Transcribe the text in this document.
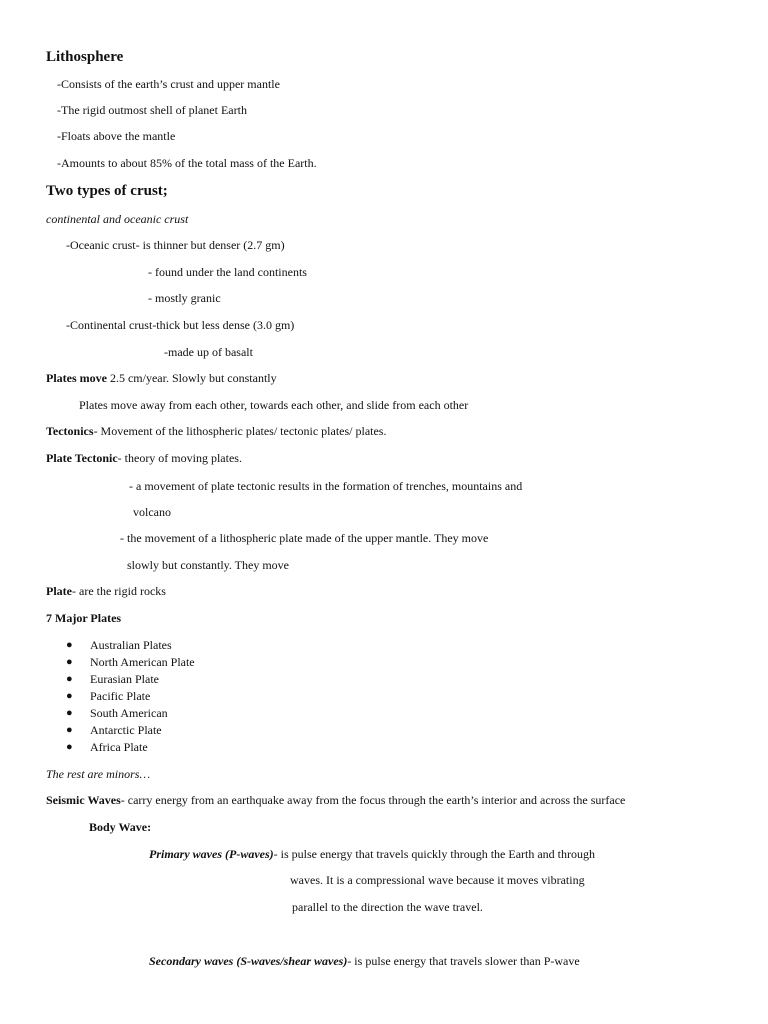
Lithosphere
-Consists of the earth’s crust and upper mantle
-The rigid outmost shell of planet Earth
-Floats above the mantle
-Amounts to about 85% of the total mass of the Earth.
Two types of crust;
continental and oceanic crust
-Oceanic crust- is thinner but denser (2.7 gm)
- found under the land continents
- mostly granic
-Continental crust-thick but less dense (3.0 gm)
-made up of basalt
Plates move 2.5 cm/year. Slowly but constantly
Plates move away from each other, towards each other, and slide from each other
Tectonics- Movement of the lithospheric plates/ tectonic plates/ plates.
Plate Tectonic- theory of moving plates.
- a movement of plate tectonic results in the formation of trenches, mountains and
volcano
- the movement of a lithospheric plate made of the upper mantle. They move
slowly but constantly. They move
Plate- are the rigid rocks
7 Major Plates
● Australian Plates
● North American Plate
● Eurasian Plate
● Pacific Plate
● South American
● Antarctic Plate
● Africa Plate
The rest are minors…
Seismic Waves- carry energy from an earthquake away from the focus through the earth’s interior and across the surface
Body Wave:
Primary waves (P-waves)- is pulse energy that travels quickly through the Earth and through
waves. It is a compressional wave because it moves vibrating
parallel to the direction the wave travel.
Secondary waves (S-waves/shear waves)- is pulse energy that travels slower than P-wave
